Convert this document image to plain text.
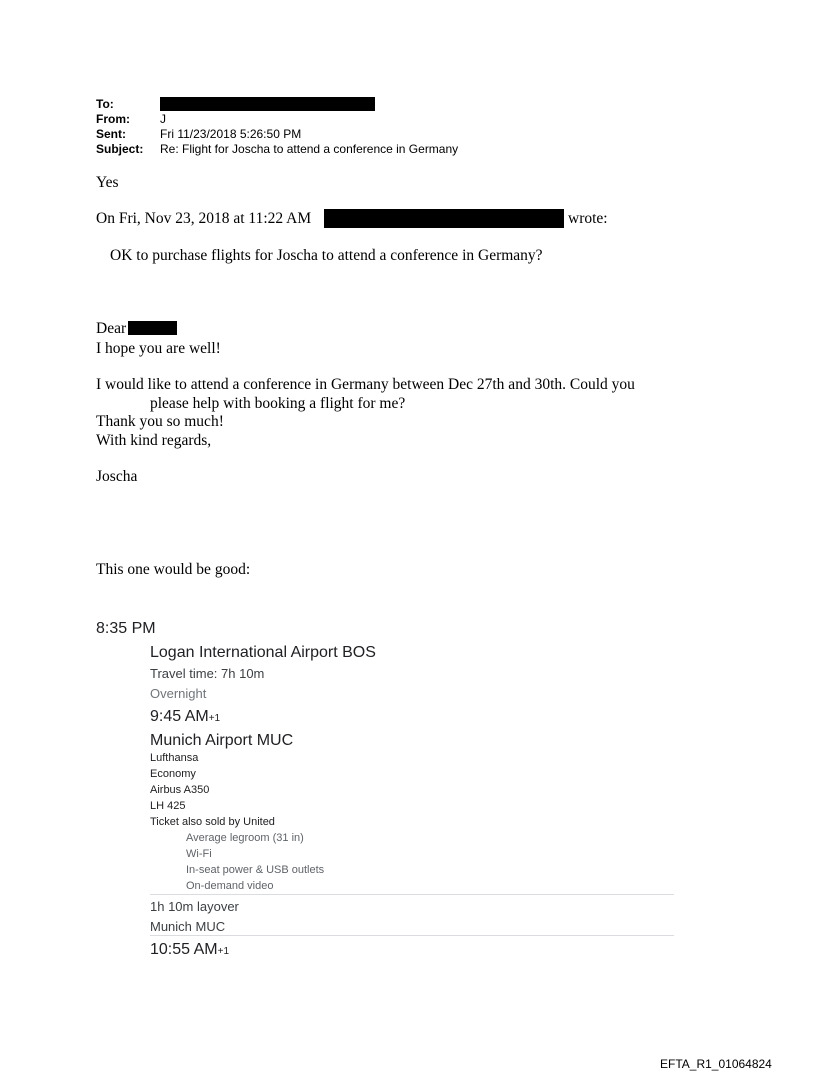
To:
From:	J
Sent:	Fri 11/23/2018 5:26:50 PM
Subject: Re: Flight for Joscha to attend a conference in Germany
Yes
On Fri, Nov 23, 2018 at 11:22 AM	wrote:
OK to purchase flights for Joscha to attend a conference in Germany?
Dear
I hope you are well!
I would like to attend a conference in Germany between Dec 27th and 30th. Could you
please help with booking a flight for me?
Thank you so much!
With kind regards,
Joscha
This one would be good:
8:35 PM
Logan International Airport BOS
Travel time: 7h 10m
Overnight
9:45 AM+1
Munich Airport MUC
Lufthansa
Economy
Airbus A350
LH 425
Ticket also sold by United
Average legroom (31 in)
Wi-Fi
In-seat power & USB outlets
On-demand video
1h 10m layover
Munich MUC
10:55 AM+1
EFTA_R1_01064824
